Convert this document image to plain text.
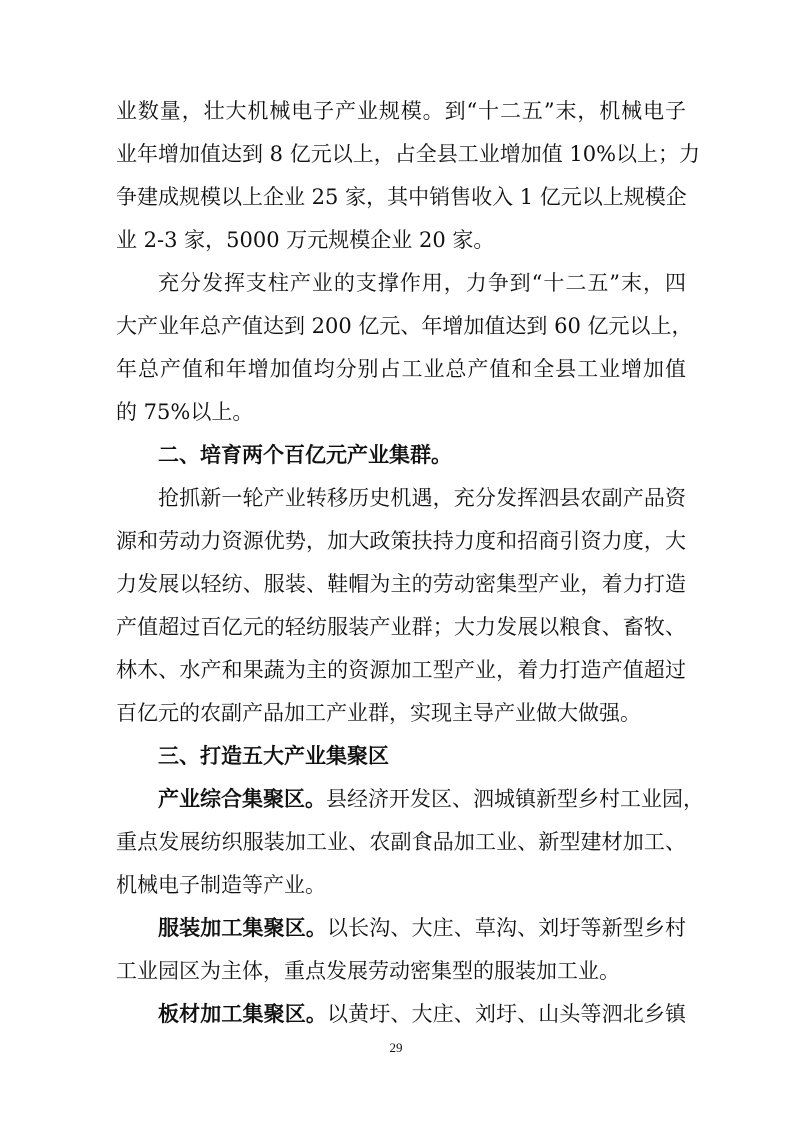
业数量，壮大机械电子产业规模。到“十二五”末，机械电子
业年增加值达到 8 亿元以上，占全县工业增加值 10%以上；力
争建成规模以上企业 25 家，其中销售收入 1 亿元以上规模企
业 2-3 家，5000 万元规模企业 20 家。
充分发挥支柱产业的支撑作用，力争到“十二五”末，四
大产业年总产值达到 200 亿元、年增加值达到 60 亿元以上，
年总产值和年增加值均分别占工业总产值和全县工业增加值
的 75%以上。
二、培育两个百亿元产业集群。
抢抓新一轮产业转移历史机遇，充分发挥泗县农副产品资
源和劳动力资源优势，加大政策扶持力度和招商引资力度，大
力发展以轻纺、服装、鞋帽为主的劳动密集型产业，着力打造
产值超过百亿元的轻纺服装产业群；大力发展以粮食、畜牧、
林木、水产和果蔬为主的资源加工型产业，着力打造产值超过
百亿元的农副产品加工产业群，实现主导产业做大做强。
三、打造五大产业集聚区
产业综合集聚区。县经济开发区、泗城镇新型乡村工业园，
重点发展纺织服装加工业、农副食品加工业、新型建材加工、
机械电子制造等产业。
服装加工集聚区。以长沟、大庄、草沟、刘圩等新型乡村
工业园区为主体，重点发展劳动密集型的服装加工业。
29
板材加工集聚区。以黄圩、大庄、刘圩、山头等泗北乡镇
